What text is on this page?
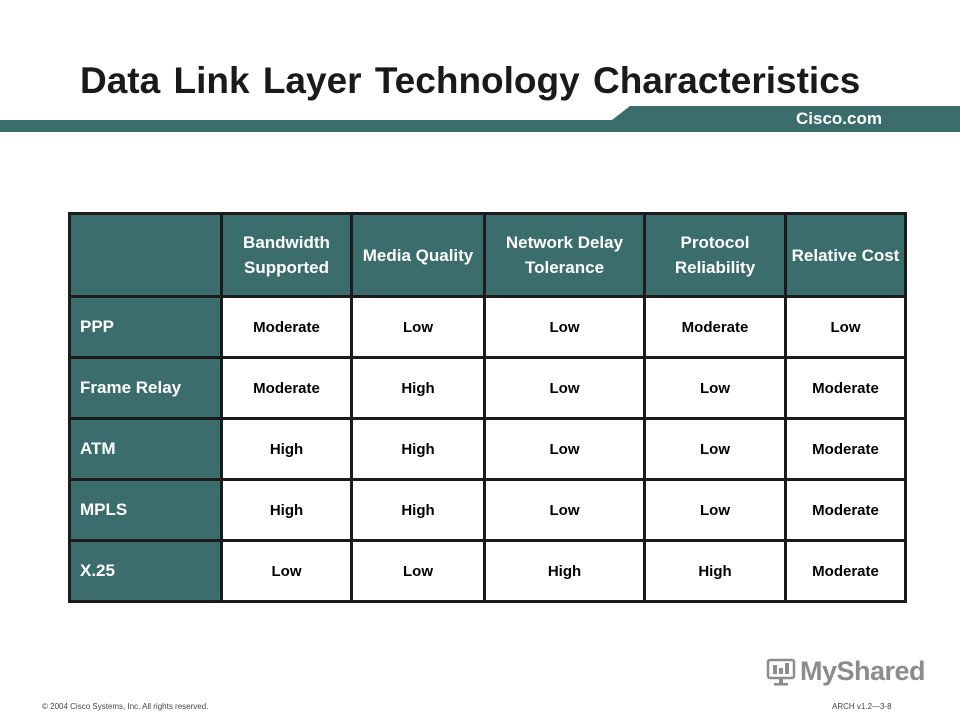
Data Link Layer Technology Characteristics
Cisco.com
	Bandwidth Supported	Media Quality	Network Delay Tolerance	Protocol Reliability	Relative Cost
PPP	Moderate	Low	Low	Moderate	Low
Frame Relay	Moderate	High	Low	Low	Moderate
ATM	High	High	Low	Low	Moderate
MPLS	High	High	Low	Low	Moderate
X.25	Low	Low	High	High	Moderate
MyShared
© 2004 Cisco Systems, Inc. All rights reserved.	ARCH v1.2—3-8
